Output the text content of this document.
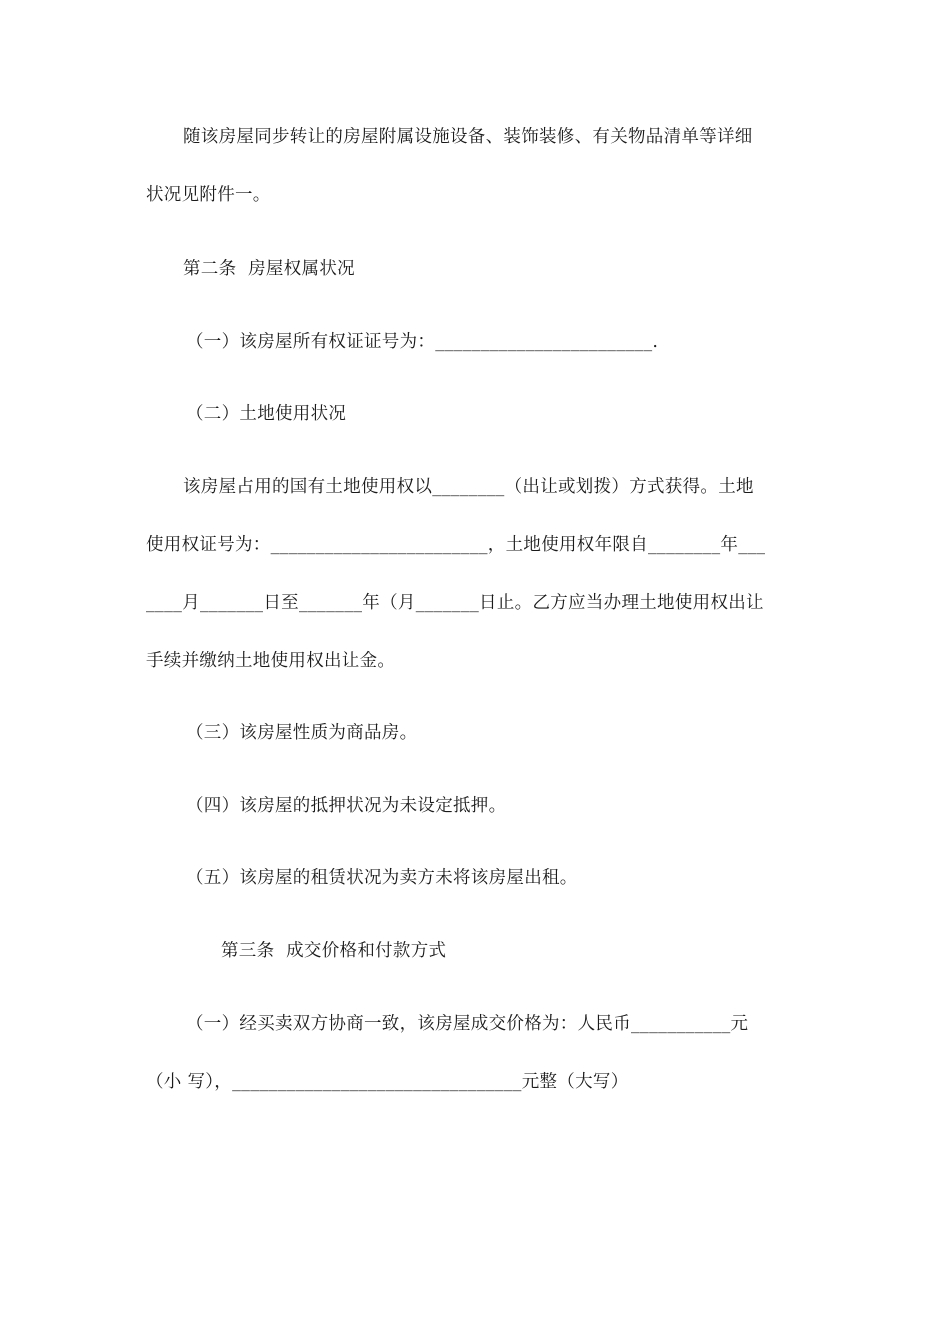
随该房屋同步转让的房屋附属设施设备、装饰装修、有关物品清单等详细
状况见附件一。
第二条  房屋权属状况
（一）该房屋所有权证证号为：________________________.
（二）土地使用状况
该房屋占用的国有土地使用权以________（出让或划拨）方式获得。土地
使用权证号为：________________________，土地使用权年限自________年___
____月_______日至_______年（月_______日止。乙方应当办理土地使用权出让
手续并缴纳土地使用权出让金。
（三）该房屋性质为商品房。
（四）该房屋的抵押状况为未设定抵押。
（五）该房屋的租赁状况为卖方未将该房屋出租。
第三条  成交价格和付款方式
（一）经买卖双方协商一致，该房屋成交价格为：人民币___________元
（小 写），________________________________元整（大写）
